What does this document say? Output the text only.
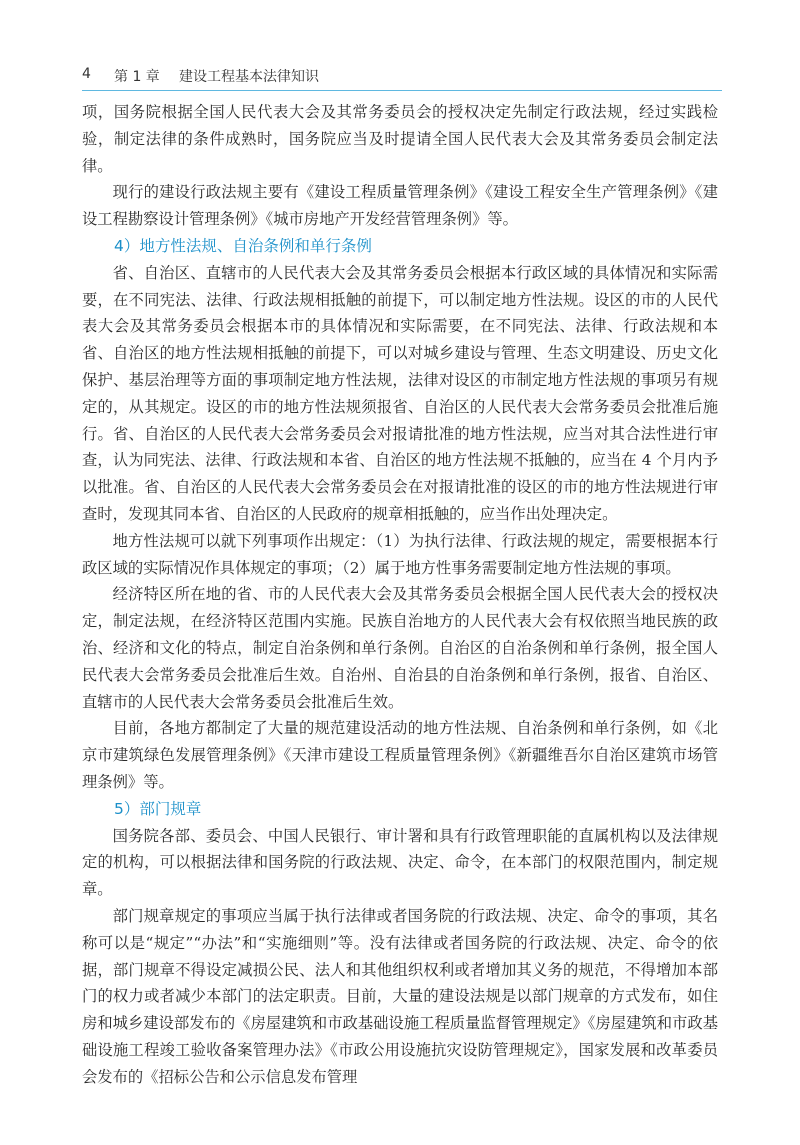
4 第 1 章 建设工程基本法律知识

项，国务院根据全国人民代表大会及其常务委员会的授权决定先制定行政法规，经过实践检验，制定法律的条件成熟时，国务院应当及时提请全国人民代表大会及其常务委员会制定法律。

现行的建设行政法规主要有《建设工程质量管理条例》《建设工程安全生产管理条例》《建设工程勘察设计管理条例》《城市房地产开发经营管理条例》等。

4）地方性法规、自治条例和单行条例

省、自治区、直辖市的人民代表大会及其常务委员会根据本行政区域的具体情况和实际需要，在不同宪法、法律、行政法规相抵触的前提下，可以制定地方性法规。设区的市的人民代表大会及其常务委员会根据本市的具体情况和实际需要，在不同宪法、法律、行政法规和本省、自治区的地方性法规相抵触的前提下，可以对城乡建设与管理、生态文明建设、历史文化保护、基层治理等方面的事项制定地方性法规，法律对设区的市制定地方性法规的事项另有规定的，从其规定。设区的市的地方性法规须报省、自治区的人民代表大会常务委员会批准后施行。省、自治区的人民代表大会常务委员会对报请批准的地方性法规，应当对其合法性进行审查，认为同宪法、法律、行政法规和本省、自治区的地方性法规不抵触的，应当在 4 个月内予以批准。省、自治区的人民代表大会常务委员会在对报请批准的设区的市的地方性法规进行审查时，发现其同本省、自治区的人民政府的规章相抵触的，应当作出处理决定。

地方性法规可以就下列事项作出规定：（1）为执行法律、行政法规的规定，需要根据本行政区域的实际情况作具体规定的事项；（2）属于地方性事务需要制定地方性法规的事项。

经济特区所在地的省、市的人民代表大会及其常务委员会根据全国人民代表大会的授权决定，制定法规，在经济特区范围内实施。民族自治地方的人民代表大会有权依照当地民族的政治、经济和文化的特点，制定自治条例和单行条例。自治区的自治条例和单行条例，报全国人民代表大会常务委员会批准后生效。自治州、自治县的自治条例和单行条例，报省、自治区、直辖市的人民代表大会常务委员会批准后生效。

目前，各地方都制定了大量的规范建设活动的地方性法规、自治条例和单行条例，如《北京市建筑绿色发展管理条例》《天津市建设工程质量管理条例》《新疆维吾尔自治区建筑市场管理条例》等。

5）部门规章

国务院各部、委员会、中国人民银行、审计署和具有行政管理职能的直属机构以及法律规定的机构，可以根据法律和国务院的行政法规、决定、命令，在本部门的权限范围内，制定规章。

部门规章规定的事项应当属于执行法律或者国务院的行政法规、决定、命令的事项，其名称可以是“规定”“办法”和“实施细则”等。没有法律或者国务院的行政法规、决定、命令的依据，部门规章不得设定减损公民、法人和其他组织权利或者增加其义务的规范，不得增加本部门的权力或者减少本部门的法定职责。目前，大量的建设法规是以部门规章的方式发布，如住房和城乡建设部发布的《房屋建筑和市政基础设施工程质量监督管理规定》《房屋建筑和市政基础设施工程竣工验收备案管理办法》《市政公用设施抗灾设防管理规定》，国家发展和改革委员会发布的《招标公告和公示信息发布管理
